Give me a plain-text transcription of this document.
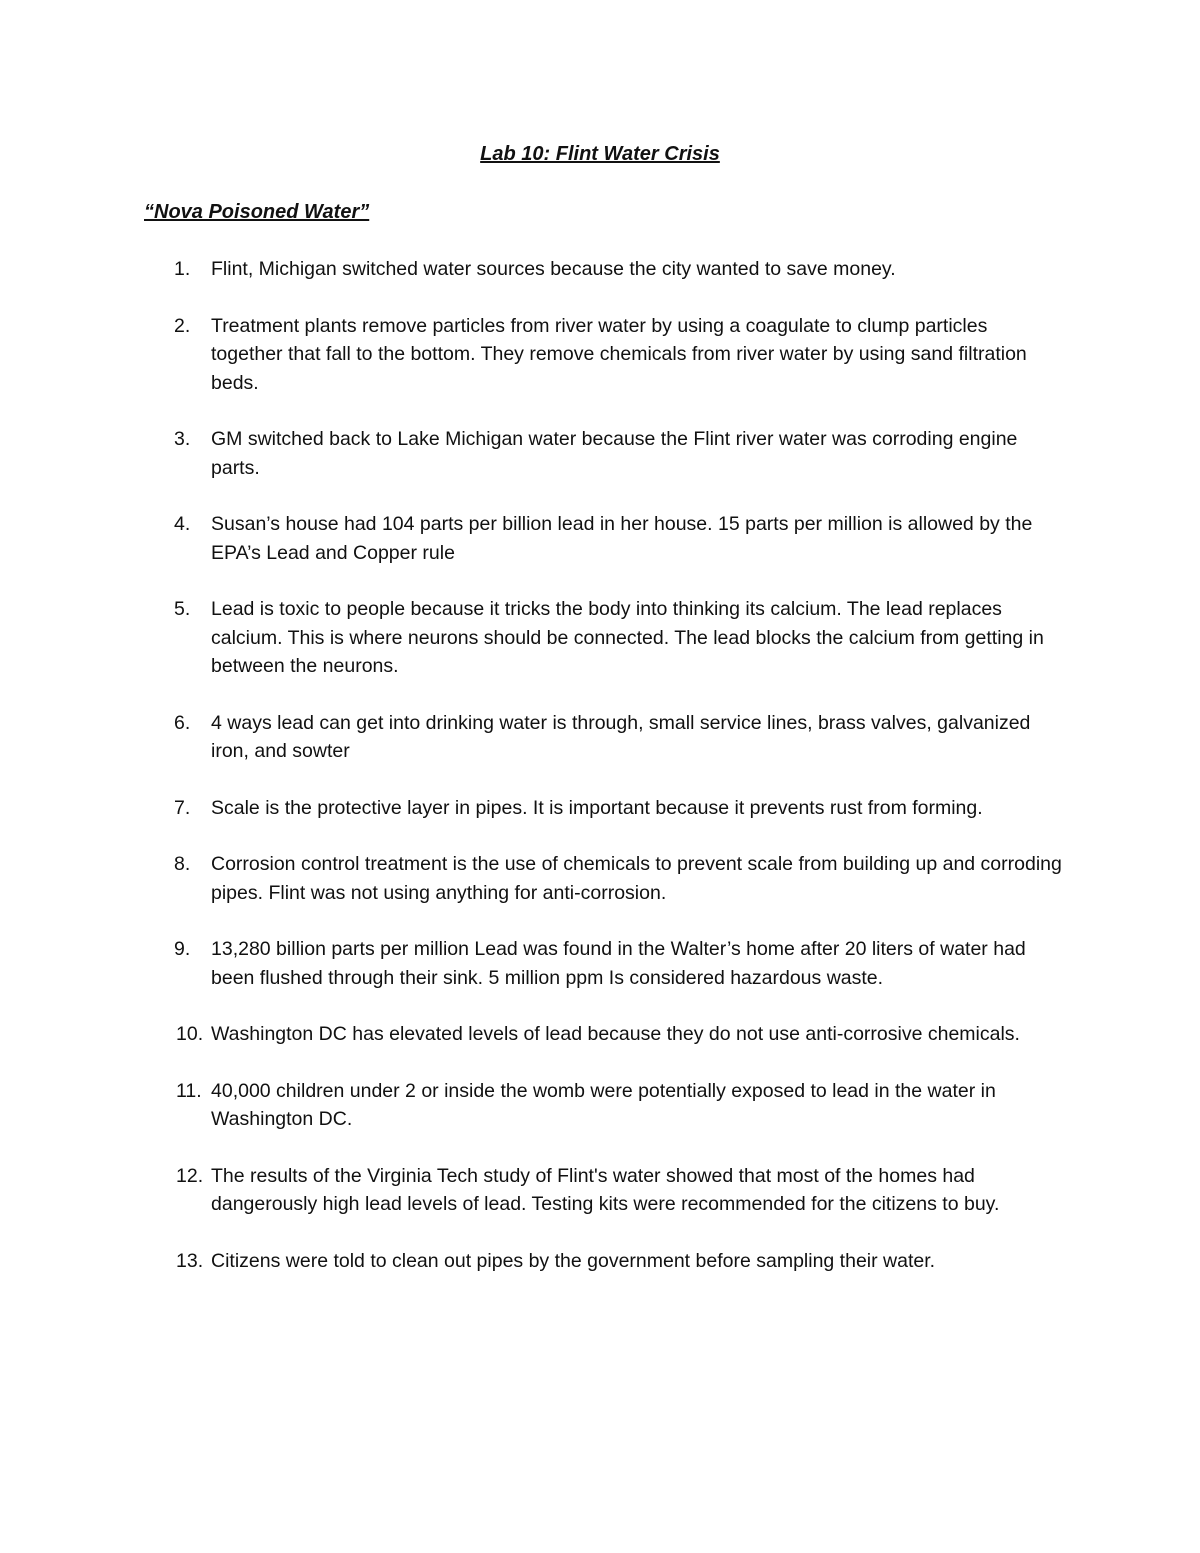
Lab 10: Flint Water Crisis
“Nova Poisoned Water”
1.	Flint, Michigan switched water sources because the city wanted to save money.
2.	Treatment plants remove particles from river water by using a coagulate to clump particles together that fall to the bottom. They remove chemicals from river water by using sand filtration beds.
3.	GM switched back to Lake Michigan water because the Flint river water was corroding engine parts.
4.	Susan’s house had 104 parts per billion lead in her house. 15 parts per million is allowed by the EPA’s Lead and Copper rule
5.	Lead is toxic to people because it tricks the body into thinking its calcium. The lead replaces calcium. This is where neurons should be connected. The lead blocks the calcium from getting in between the neurons.
6.	4 ways lead can get into drinking water is through, small service lines, brass valves, galvanized iron, and sowter
7.	Scale is the protective layer in pipes. It is important because it prevents rust from forming.
8.	Corrosion control treatment is the use of chemicals to prevent scale from building up and corroding pipes. Flint was not using anything for anti-corrosion.
9.	13,280 billion parts per million Lead was found in the Walter’s home after 20 liters of water had been flushed through their sink. 5 million ppm Is considered hazardous waste.
10. Washington DC has elevated levels of lead because they do not use anti-corrosive chemicals.
11. 40,000 children under 2 or inside the womb were potentially exposed to lead in the water in Washington DC.
12. The results of the Virginia Tech study of Flint's water showed that most of the homes had dangerously high lead levels of lead. Testing kits were recommended for the citizens to buy.
13. Citizens were told to clean out pipes by the government before sampling their water.
